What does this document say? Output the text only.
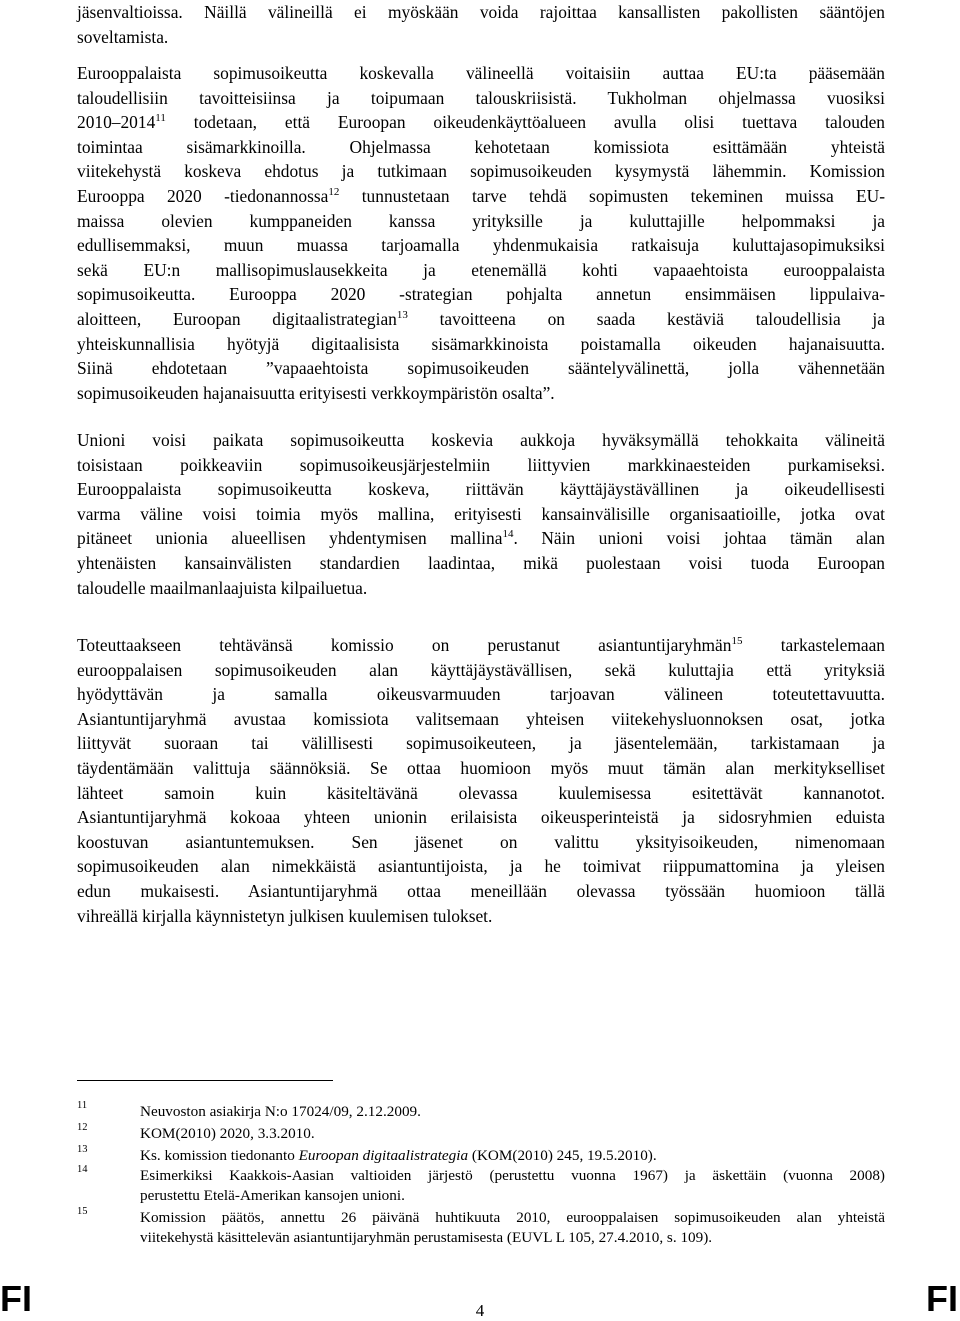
jäsenvaltioissa. Näillä välineillä ei myöskään voida rajoittaa kansallisten pakollisten sääntöjen
soveltamista.
Eurooppalaista sopimusoikeutta koskevalla välineellä voitaisiin auttaa EU:ta pääsemään
taloudellisiin tavoitteisiinsa ja toipumaan talouskriisistä. Tukholman ohjelmassa vuosiksi
2010–2014$^{11}$ todetaan, että Euroopan oikeudenkäyttöalueen avulla olisi tuettava talouden
toimintaa sisämarkkinoilla. Ohjelmassa kehotetaan komissiota esittämään yhteistä
viitekehystä koskeva ehdotus ja tutkimaan sopimusoikeuden kysymystä lähemmin. Komission
Eurooppa 2020 -tiedonannossa$^{12}$ tunnustetaan tarve tehdä sopimusten tekeminen muissa EU-
maissa olevien kumppaneiden kanssa yrityksille ja kuluttajille helpommaksi ja
edullisemmaksi, muun muassa tarjoamalla yhdenmukaisia ratkaisuja kuluttajasopimuksiksi
sekä EU:n mallisopimuslausekkeita ja etenemällä kohti vapaaehtoista eurooppalaista
sopimusoikeutta. Eurooppa 2020 -strategian pohjalta annetun ensimmäisen lippulaiva-
aloitteen, Euroopan digitaalistrategian$^{13}$ tavoitteena on saada kestäviä taloudellisia ja
yhteiskunnallisia hyötyjä digitaalisista sisämarkkinoista poistamalla oikeuden hajanaisuutta.
Siinä ehdotetaan ”vapaaehtoista sopimusoikeuden sääntelyvälinettä, jolla vähennetään
sopimusoikeuden hajanaisuutta erityisesti verkkoympäristön osalta”.
Unioni voisi paikata sopimusoikeutta koskevia aukkoja hyväksymällä tehokkaita välineitä
toisistaan poikkeaviin sopimusoikeusjärjestelmiin liittyvien markkinaesteiden purkamiseksi.
Eurooppalaista sopimusoikeutta koskeva, riittävän käyttäjäystävällinen ja oikeudellisesti
varma väline voisi toimia myös mallina, erityisesti kansainvälisille organisaatioille, jotka ovat
pitäneet unionia alueellisen yhdentymisen mallina$^{14}$. Näin unioni voisi johtaa tämän alan
yhtenäisten kansainvälisten standardien laadintaa, mikä puolestaan voisi tuoda Euroopan
taloudelle maailmanlaajuista kilpailuetua.
Toteuttaakseen tehtävänsä komissio on perustanut asiantuntijaryhmän$^{15}$ tarkastelemaan
eurooppalaisen sopimusoikeuden alan käyttäjäystävällisen, sekä kuluttajia että yrityksiä
hyödyttävän ja samalla oikeusvarmuuden tarjoavan välineen toteutettavuutta.
Asiantuntijaryhmä avustaa komissiota valitsemaan yhteisen viitekehysluonnoksen osat, jotka
liittyvät suoraan tai välillisesti sopimusoikeuteen, ja jäsentelemään, tarkistamaan ja
täydentämään valittuja säännöksiä. Se ottaa huomioon myös muut tämän alan merkitykselliset
lähteet samoin kuin käsiteltävänä olevassa kuulemisessa esitettävät kannanotot.
Asiantuntijaryhmä kokoaa yhteen unionin erilaisista oikeusperinteistä ja sidosryhmien eduista
koostuvan asiantuntemuksen. Sen jäsenet on valittu yksityisoikeuden, nimenomaan
sopimusoikeuden alan nimekkäistä asiantuntijoista, ja he toimivat riippumattomina ja yleisen
edun mukaisesti. Asiantuntijaryhmä ottaa meneillään olevassa työssään huomioon tällä
vihreällä kirjalla käynnistetyn julkisen kuulemisen tulokset.
11	Neuvoston asiakirja N:o 17024/09, 2.12.2009.
12	KOM(2010) 2020, 3.3.2010.
13	Ks. komission tiedonanto Euroopan digitaalistrategia (KOM(2010) 245, 19.5.2010).
14	Esimerkiksi Kaakkois-Aasian valtioiden järjestö (perustettu vuonna 1967) ja äskettäin (vuonna 2008)
perustettu Etelä-Amerikan kansojen unioni.
15	Komission päätös, annettu 26 päivänä huhtikuuta 2010, eurooppalaisen sopimusoikeuden alan yhteistä
viitekehystä käsittelevän asiantuntijaryhmän perustamisesta (EUVL L 105, 27.4.2010, s. 109).
FI	4	FI
